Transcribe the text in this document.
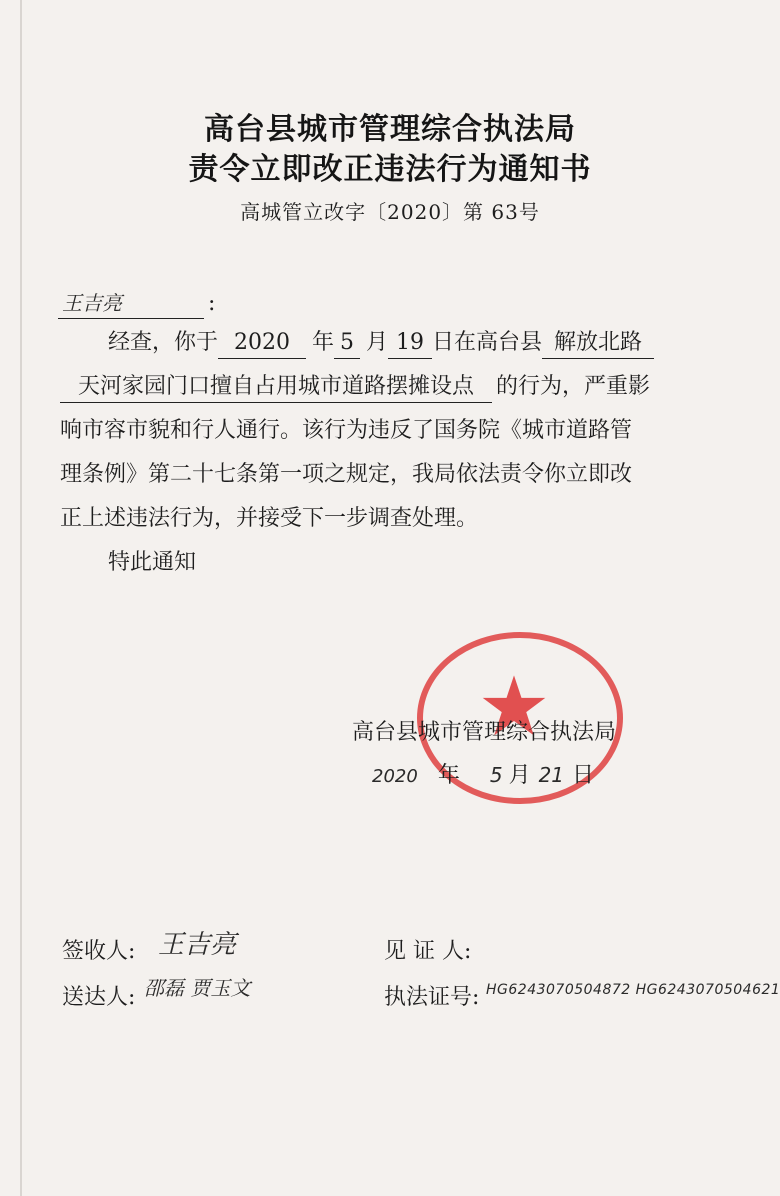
高台县城市管理综合执法局
责令立即改正违法行为通知书
高城管立改字〔2020〕第 63号
王吉亮	:
经查，你于 2020 年 5 月 19 日在高台县 解放北路
天河家园门口擅自占用城市道路摆摊设点 的行为，严重影
响市容市貌和行人通行。该行为违反了国务院《城市道路管
理条例》第二十七条第一项之规定，我局依法责令你立即改
正上述违法行为，并接受下一步调查处理。
特此通知
高台县城市管理综合执法局
2020 年 5 月 21 日
签收人: 王吉亮	见 证 人:
送达人: 邵磊 贾玉文	执法证号: HG6243070504872 HG6243070504621
